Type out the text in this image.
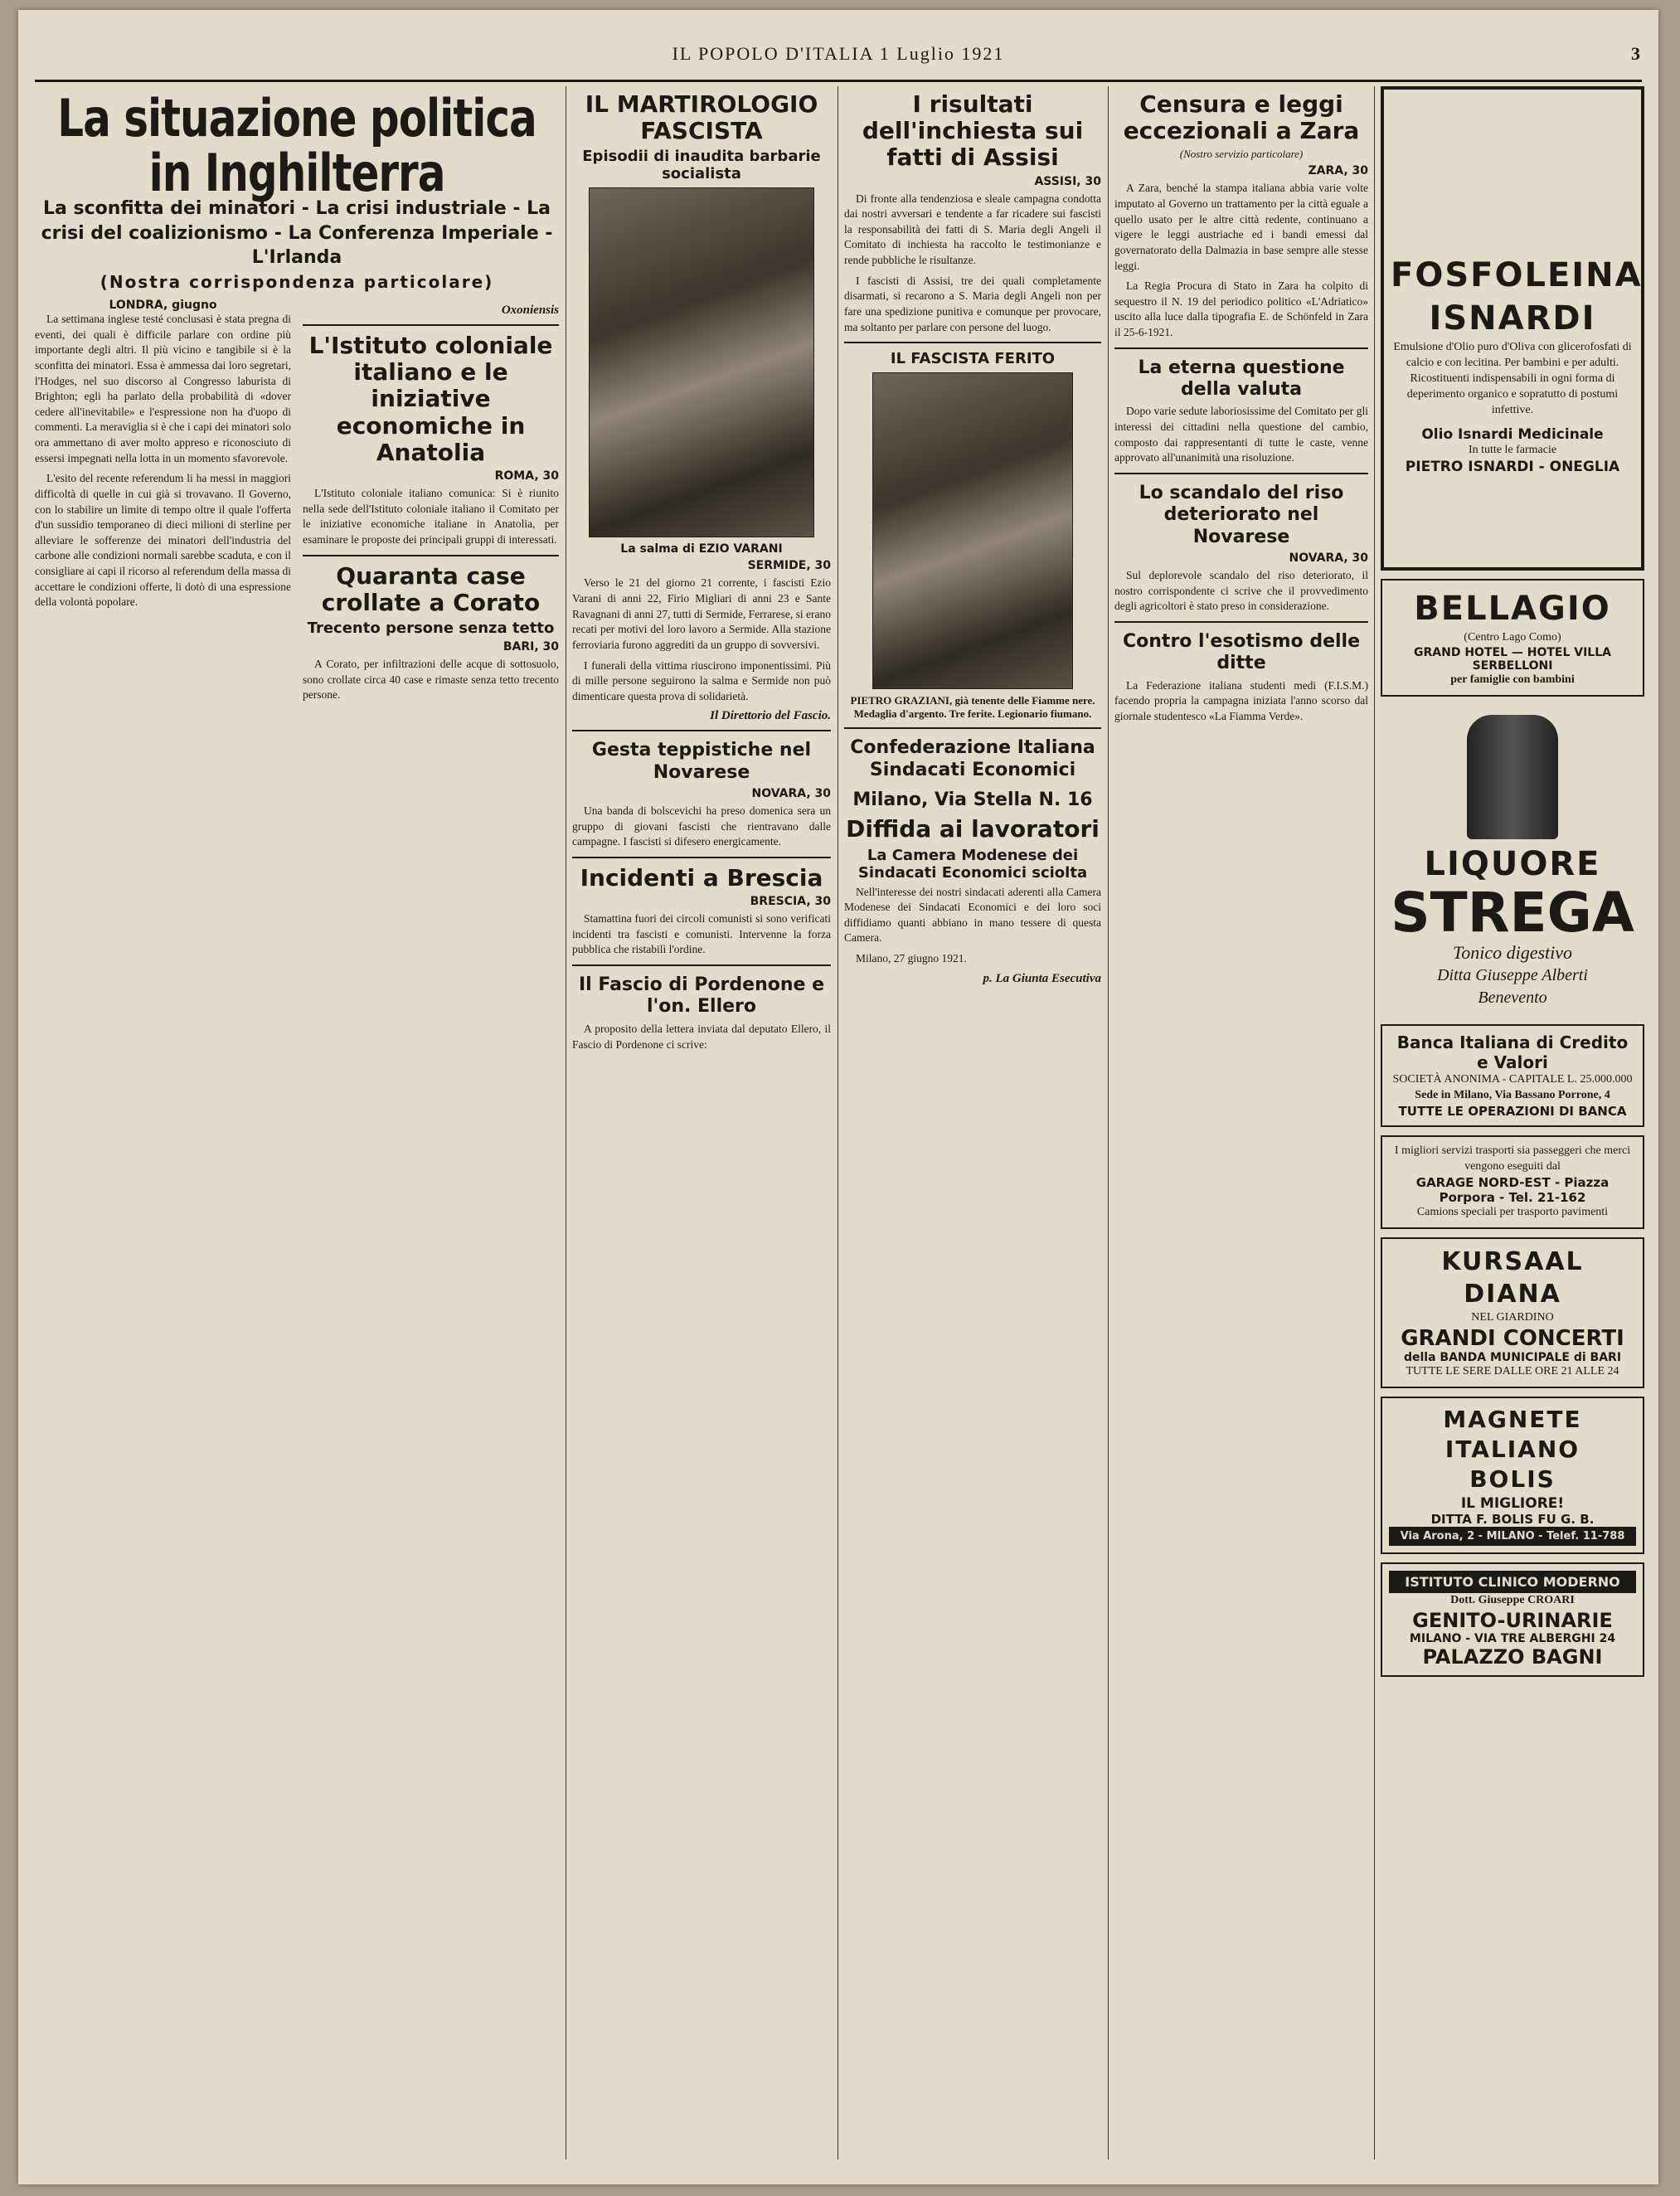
IL POPOLO D'ITALIA 1 Luglio 1921	3
La situazione politica in Inghilterra
La sconfitta dei minatori - La crisi industriale - La crisi del coalizionismo - La Conferenza Imperiale - L'Irlanda
(Nostra corrispondenza particolare)
LONDRA, giugno

La settimana inglese testé conclusasi è stata pregna di eventi, dei quali è difficile parlare con ordine più importante degli altri. Il più vicino e tangibile si è la sconfitta dei minatori. Essa è ammessa dai loro segretari, l'Hodges, nel suo discorso al Congresso laburista di Brighton; egli ha parlato della probabilità di «dover cedere all'inevitabile» e l'espressione non ha d'uopo di commenti. La meraviglia si è che i capi dei minatori solo ora ammettano di aver molto appreso e riconosciuto di essersi impegnati nella lotta in un momento sfavorevole.

L'esito del recente referendum li ha messi in maggiori difficoltà di quelle in cui già si trovavano. Il Governo, con lo stabilire un limite di tempo oltre il quale l'offerta d'un sussidio temporaneo di dieci milioni di sterline per alleviare le sofferenze dei minatori dell'industria del carbone alle condizioni normali sarebbe scaduta, e con il consigliare ai capi il ricorso al referendum della massa di accettare le condizioni offerte, li dotò di una espressione della volontà popolare.

Oxoniensis
L'Istituto coloniale italiano e le iniziative economiche in Anatolia
ROMA, 30

L'Istituto coloniale italiano comunica: Si è riunito nella sede dell'Istituto coloniale italiano il Comitato per le iniziative economiche italiane in Anatolia, per esaminare le proposte dei principali gruppi di interessati.

Quaranta case crollate a Corato
Trecento persone senza tetto
BARI, 30

A Corato, per infiltrazioni delle acque di sottosuolo, sono crollate circa 40 case e rimaste senza tetto trecento persone.

IL MARTIROLOGIO FASCISTA
Episodii di inaudita barbarie socialista
La salma di EZIO VARANI
SERMIDE, 30

Verso le 21 del giorno 21 corrente, i fascisti Ezio Varani di anni 22, Firio Migliari di anni 23 e Sante Ravagnani di anni 27, tutti di Sermide, Ferrarese, si erano recati per motivi del loro lavoro a Sermide. Alla stazione ferroviaria furono aggrediti da un gruppo di sovversivi.

I funerali della vittima riuscirono imponentissimi. Più di mille persone seguirono la salma e Sermide non può dimenticare questa prova di solidarietà.

Il Direttorio del Fascio.
Gesta teppistiche nel Novarese
NOVARA, 30

Una banda di bolscevichi ha preso domenica sera un gruppo di giovani fascisti che rientravano dalle campagne. I fascisti si difesero energicamente.

Incidenti a Brescia
BRESCIA, 30

Stamattina fuori dei circoli comunisti si sono verificati incidenti tra fascisti e comunisti. Intervenne la forza pubblica che ristabilì l'ordine.

Il Fascio di Pordenone e l'on. Ellero

A proposito della lettera inviata dal deputato Ellero, il Fascio di Pordenone ci scrive:

I risultati dell'inchiesta sui fatti di Assisi
ASSISI, 30

Di fronte alla tendenziosa e sleale campagna condotta dai nostri avversari e tendente a far ricadere sui fascisti la responsabilità dei fatti di S. Maria degli Angeli il Comitato di inchiesta ha raccolto le testimonianze e rende pubbliche le risultanze.

I fascisti di Assisi, tre dei quali completamente disarmati, si recarono a S. Maria degli Angeli non per fare una spedizione punitiva e comunque per provocare, ma soltanto per parlare con persone del luogo.

IL FASCISTA FERITO
PIETRO GRAZIANI, già tenente delle Fiamme nere. Medaglia d'argento. Tre ferite. Legionario fiumano.
Confederazione Italiana Sindacati Economici
Milano, Via Stella N. 16
Diffida ai lavoratori
La Camera Modenese dei Sindacati Economici sciolta

Nell'interesse dei nostri sindacati aderenti alla Camera Modenese dei Sindacati Economici e dei loro soci diffidiamo quanti abbiano in mano tessere di questa Camera.

Milano, 27 giugno 1921.

p. La Giunta Esecutiva
Censura e leggi eccezionali a Zara
(Nostro servizio particolare)
ZARA, 30

A Zara, benché la stampa italiana abbia varie volte imputato al Governo un trattamento per la città eguale a quello usato per le altre città redente, continuano a vigere le leggi austriache ed i bandi emessi dal governatorato della Dalmazia in base sempre alle stesse leggi.

La Regia Procura di Stato in Zara ha colpito di sequestro il N. 19 del periodico politico «L'Adriatico» uscito alla luce dalla tipografia E. de Schönfeld in Zara il 25-6-1921.

La eterna questione della valuta

Dopo varie sedute laboriosissime del Comitato per gli interessi dei cittadini nella questione del cambio, composto dai rappresentanti di tutte le caste, venne approvato all'unanimità una risoluzione.

Lo scandalo del riso deteriorato nel Novarese
NOVARA, 30

Sul deplorevole scandalo del riso deteriorato, il nostro corrispondente ci scrive che il provvedimento degli agricoltori è stato preso in considerazione.

Contro l'esotismo delle ditte

La Federazione italiana studenti medi (F.I.S.M.) facendo propria la campagna iniziata l'anno scorso dal giornale studentesco «La Fiamma Verde».

FOSFOLEINA ISNARDI
Emulsione d'Olio puro d'Oliva con glicerofosfati di calcio e con lecitina. Per bambini e per adulti. Ricostituenti indispensabili in ogni forma di deperimento organico e sopratutto di postumi infettive.
Olio Isnardi Medicinale
In tutte le farmacie
PIETRO ISNARDI - ONEGLIA
BELLAGIO
(Centro Lago Como)
GRAND HOTEL — HOTEL VILLA SERBELLONI
per famiglie con bambini
LIQUORE
STREGA
Tonico digestivo
Ditta Giuseppe Alberti
Benevento
Banca Italiana di Credito e Valori
SOCIETÀ ANONIMA - CAPITALE L. 25.000.000
Sede in Milano, Via Bassano Porrone, 4
TUTTE LE OPERAZIONI DI BANCA
I migliori servizi trasporti sia passeggeri che merci vengono eseguiti dal
GARAGE NORD-EST - Piazza Porpora - Tel. 21-162
Camions speciali per trasporto pavimenti
KURSAAL DIANA
NEL GIARDINO
GRANDI CONCERTI
della BANDA MUNICIPALE di BARI
TUTTE LE SERE DALLE ORE 21 ALLE 24
MAGNETE ITALIANO
BOLIS
IL MIGLIORE!
DITTA F. BOLIS FU G. B.
Via Arona, 2 - MILANO - Telef. 11-788
ISTITUTO CLINICO MODERNO
Dott. Giuseppe CROARI
GENITO-URINARIE
MILANO - VIA TRE ALBERGHI 24
PALAZZO BAGNI
